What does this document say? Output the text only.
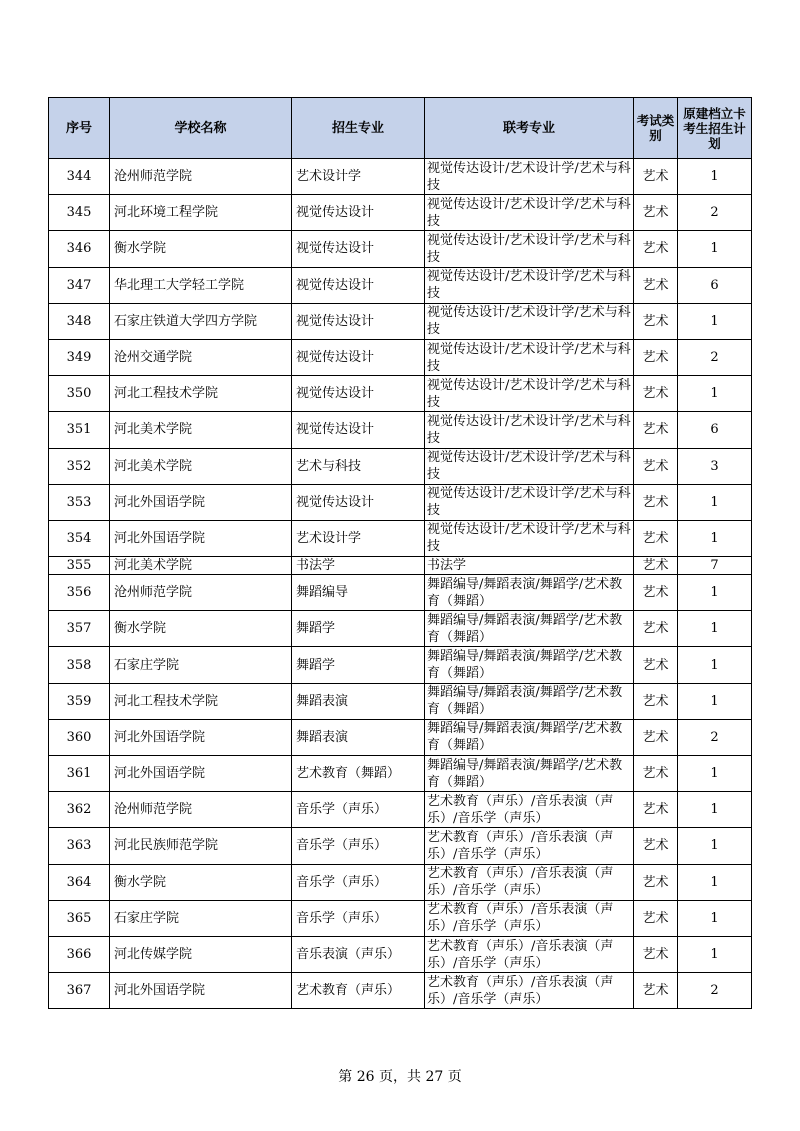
序号	学校名称	招生专业	联考专业	考试类别	原建档立卡考生招生计划
344	沧州师范学院	艺术设计学	视觉传达设计/艺术设计学/艺术与科技	艺术	1
345	河北环境工程学院	视觉传达设计	视觉传达设计/艺术设计学/艺术与科技	艺术	2
346	衡水学院	视觉传达设计	视觉传达设计/艺术设计学/艺术与科技	艺术	1
347	华北理工大学轻工学院	视觉传达设计	视觉传达设计/艺术设计学/艺术与科技	艺术	6
348	石家庄铁道大学四方学院	视觉传达设计	视觉传达设计/艺术设计学/艺术与科技	艺术	1
349	沧州交通学院	视觉传达设计	视觉传达设计/艺术设计学/艺术与科技	艺术	2
350	河北工程技术学院	视觉传达设计	视觉传达设计/艺术设计学/艺术与科技	艺术	1
351	河北美术学院	视觉传达设计	视觉传达设计/艺术设计学/艺术与科技	艺术	6
352	河北美术学院	艺术与科技	视觉传达设计/艺术设计学/艺术与科技	艺术	3
353	河北外国语学院	视觉传达设计	视觉传达设计/艺术设计学/艺术与科技	艺术	1
354	河北外国语学院	艺术设计学	视觉传达设计/艺术设计学/艺术与科技	艺术	1
355	河北美术学院	书法学	书法学	艺术	7
356	沧州师范学院	舞蹈编导	舞蹈编导/舞蹈表演/舞蹈学/艺术教育（舞蹈）	艺术	1
357	衡水学院	舞蹈学	舞蹈编导/舞蹈表演/舞蹈学/艺术教育（舞蹈）	艺术	1
358	石家庄学院	舞蹈学	舞蹈编导/舞蹈表演/舞蹈学/艺术教育（舞蹈）	艺术	1
359	河北工程技术学院	舞蹈表演	舞蹈编导/舞蹈表演/舞蹈学/艺术教育（舞蹈）	艺术	1
360	河北外国语学院	舞蹈表演	舞蹈编导/舞蹈表演/舞蹈学/艺术教育（舞蹈）	艺术	2
361	河北外国语学院	艺术教育（舞蹈）	舞蹈编导/舞蹈表演/舞蹈学/艺术教育（舞蹈）	艺术	1
362	沧州师范学院	音乐学（声乐）	艺术教育（声乐）/音乐表演（声乐）/音乐学（声乐）	艺术	1
363	河北民族师范学院	音乐学（声乐）	艺术教育（声乐）/音乐表演（声乐）/音乐学（声乐）	艺术	1
364	衡水学院	音乐学（声乐）	艺术教育（声乐）/音乐表演（声乐）/音乐学（声乐）	艺术	1
365	石家庄学院	音乐学（声乐）	艺术教育（声乐）/音乐表演（声乐）/音乐学（声乐）	艺术	1
366	河北传媒学院	音乐表演（声乐）	艺术教育（声乐）/音乐表演（声乐）/音乐学（声乐）	艺术	1
367	河北外国语学院	艺术教育（声乐）	艺术教育（声乐）/音乐表演（声乐）/音乐学（声乐）	艺术	2
第 26 页，共 27 页
